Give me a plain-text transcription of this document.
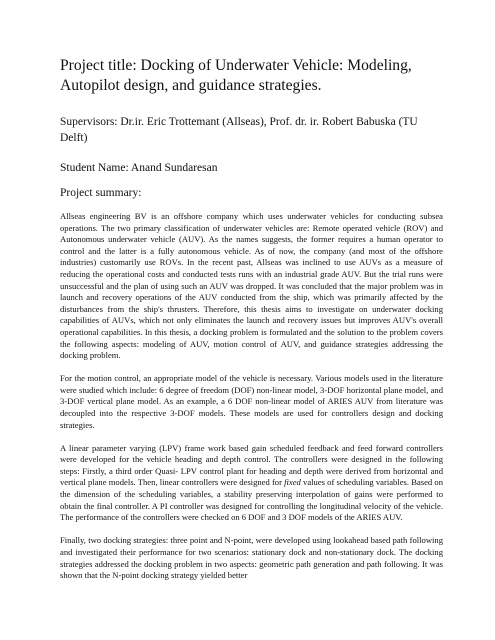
Project title: Docking of Underwater Vehicle: Modeling, Autopilot design, and guidance strategies.

Supervisors: Dr.ir. Eric Trottemant (Allseas), Prof. dr. ir. Robert Babuska (TU Delft)

Student Name: Anand Sundaresan

Project summary:

Allseas engineering BV is an offshore company which uses underwater vehicles for conducting subsea operations. The two primary classification of underwater vehicles are: Remote operated vehicle (ROV) and Autonomous underwater vehicle (AUV). As the names suggests, the former requires a human operator to control and the latter is a fully autonomous vehicle. As of now, the company (and most of the offshore industries) customarily use ROVs. In the recent past, Allseas was inclined to use AUVs as a measure of reducing the operational costs and conducted tests runs with an industrial grade AUV. But the trial runs were unsuccessful and the plan of using such an AUV was dropped. It was concluded that the major problem was in launch and recovery operations of the AUV conducted from the ship, which was primarily affected by the disturbances from the ship's thrusters. Therefore, this thesis aims to investigate on underwater docking capabilities of AUVs, which not only eliminates the launch and recovery issues but improves AUV's overall operational capabilities. In this thesis, a docking problem is formulated and the solution to the problem covers the following aspects: modeling of AUV, motion control of AUV, and guidance strategies addressing the docking problem.

For the motion control, an appropriate model of the vehicle is necessary. Various models used in the literature were studied which include: 6 degree of freedom (DOF) non-linear model, 3-DOF horizontal plane model, and 3-DOF vertical plane model. As an example, a 6 DOF non-linear model of ARIES AUV from literature was decoupled into the respective 3-DOF models. These models are used for controllers design and docking strategies.

A linear parameter varying (LPV) frame work based gain scheduled feedback and feed forward controllers were developed for the vehicle heading and depth control. The controllers were designed in the following steps: Firstly, a third order Quasi- LPV control plant for heading and depth were derived from horizontal and vertical plane models. Then, linear controllers were designed for fixed values of scheduling variables. Based on the dimension of the scheduling variables, a stability preserving interpolation of gains were performed to obtain the final controller. A PI controller was designed for controlling the longitudinal velocity of the vehicle. The performance of the controllers were checked on 6 DOF and 3 DOF models of the ARIES AUV.

Finally, two docking strategies: three point and N-point, were developed using lookahead based path following and investigated their performance for two scenarios: stationary dock and non-stationary dock. The docking strategies addressed the docking problem in two aspects: geometric path generation and path following. It was shown that the N-point docking strategy yielded better
